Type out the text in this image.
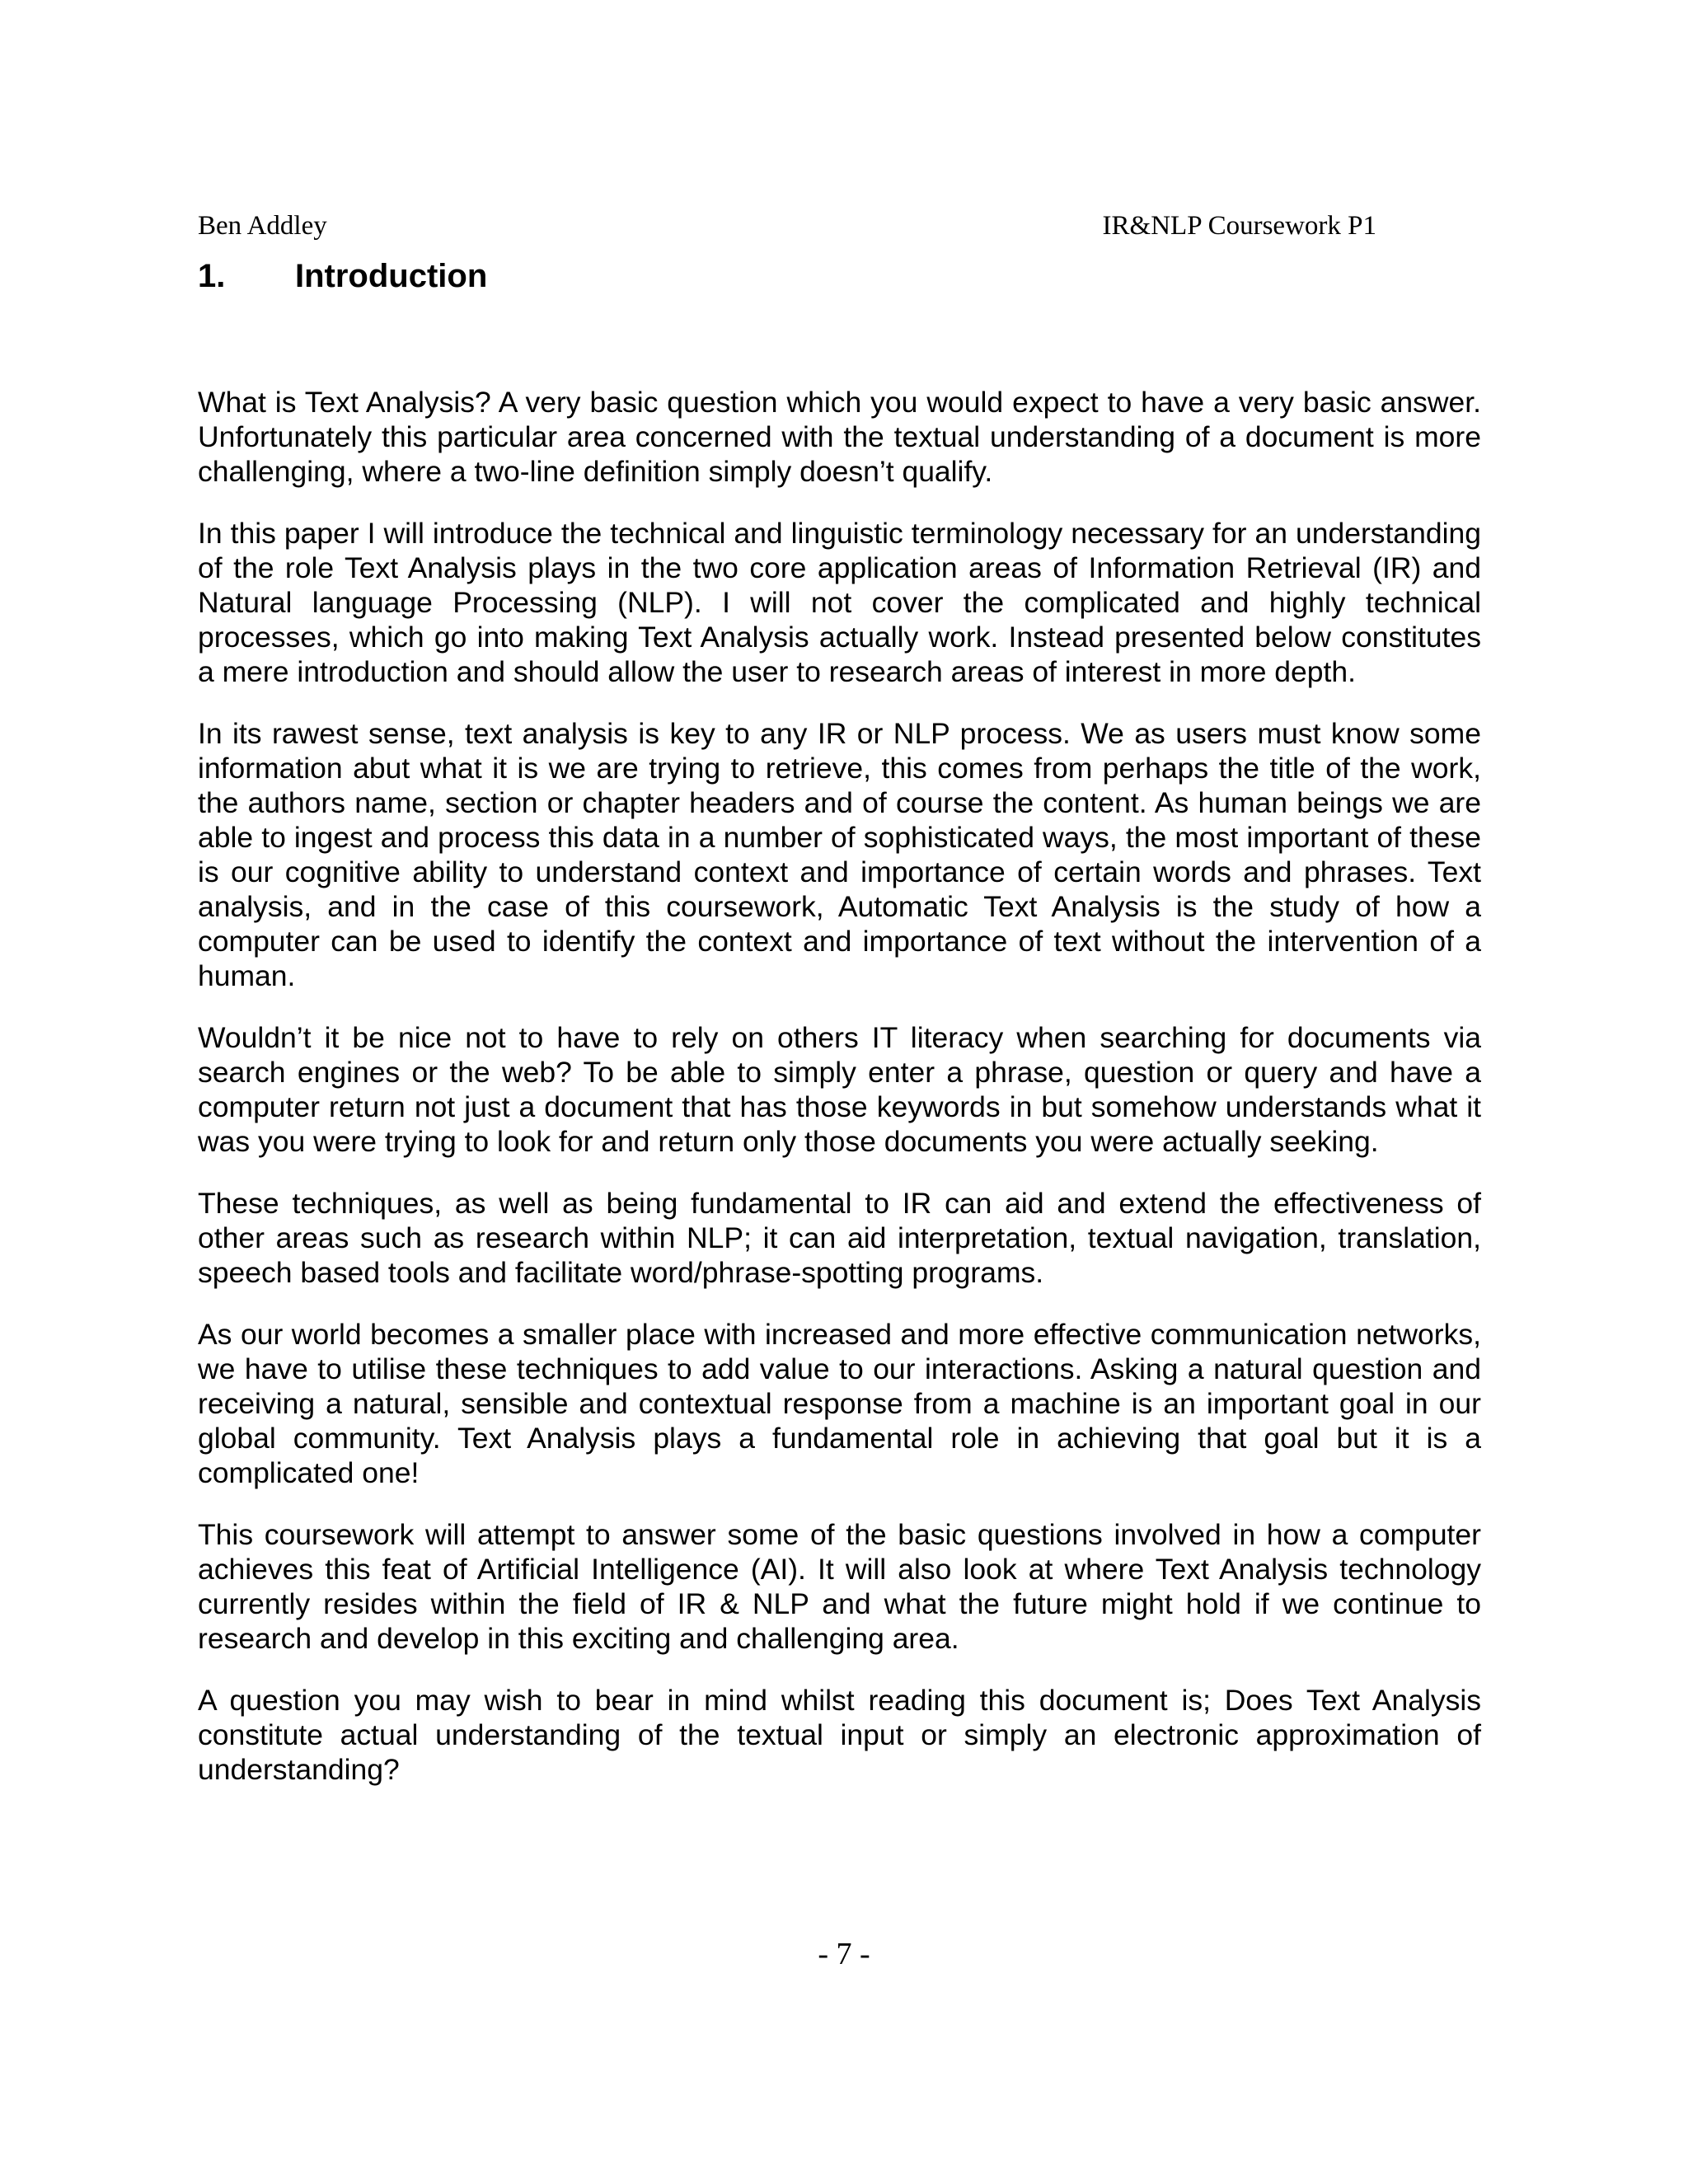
Ben Addley	IR&NLP Coursework P1
1. Introduction

What is Text Analysis? A very basic question which you would expect to have a very basic answer. Unfortunately this particular area concerned with the textual understanding of a document is more challenging, where a two-line definition simply doesn’t qualify.

In this paper I will introduce the technical and linguistic terminology necessary for an understanding of the role Text Analysis plays in the two core application areas of Information Retrieval (IR) and Natural language Processing (NLP). I will not cover the complicated and highly technical processes, which go into making Text Analysis actually work. Instead presented below constitutes a mere introduction and should allow the user to research areas of interest in more depth.

In its rawest sense, text analysis is key to any IR or NLP process. We as users must know some information abut what it is we are trying to retrieve, this comes from perhaps the title of the work, the authors name, section or chapter headers and of course the content. As human beings we are able to ingest and process this data in a number of sophisticated ways, the most important of these is our cognitive ability to understand context and importance of certain words and phrases. Text analysis, and in the case of this coursework, Automatic Text Analysis is the study of how a computer can be used to identify the context and importance of text without the intervention of a human.

Wouldn’t it be nice not to have to rely on others IT literacy when searching for documents via search engines or the web? To be able to simply enter a phrase, question or query and have a computer return not just a document that has those keywords in but somehow understands what it was you were trying to look for and return only those documents you were actually seeking.

These techniques, as well as being fundamental to IR can aid and extend the effectiveness of other areas such as research within NLP; it can aid interpretation, textual navigation, translation, speech based tools and facilitate word/phrase-spotting programs.

As our world becomes a smaller place with increased and more effective communication networks, we have to utilise these techniques to add value to our interactions. Asking a natural question and receiving a natural, sensible and contextual response from a machine is an important goal in our global community. Text Analysis plays a fundamental role in achieving that goal but it is a complicated one!

This coursework will attempt to answer some of the basic questions involved in how a computer achieves this feat of Artificial Intelligence (AI). It will also look at where Text Analysis technology currently resides within the field of IR & NLP and what the future might hold if we continue to research and develop in this exciting and challenging area.

A question you may wish to bear in mind whilst reading this document is; Does Text Analysis constitute actual understanding of the textual input or simply an electronic approximation of understanding?

- 7 -
